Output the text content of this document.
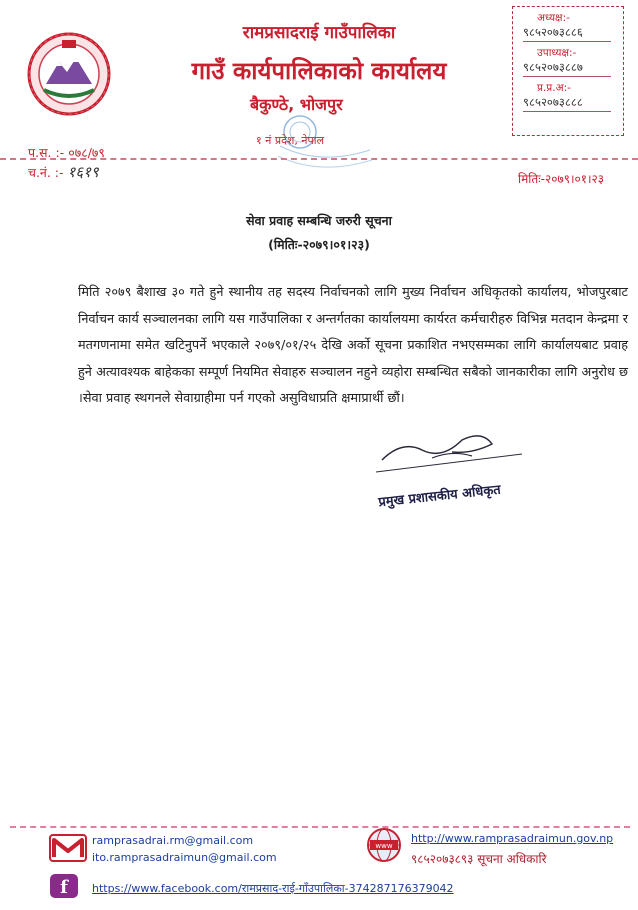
रामप्रसादराई गाउँपालिका
गाउँ कार्यपालिकाको कार्यालय
बैकुण्ठे, भोजपुर
१ नं प्रदेश, नेपाल
अध्यक्ष:-
९८५२०७३८८६
उपाध्यक्ष:-
९८५२०७३८८७
प्र.प्र.अ:-
९८५२०७३८८८
प.स. :- ०७८/७९
च.नं. :- १६१९	मितिः-२०७९।०१।२३
सेवा प्रवाह सम्बन्धि जरुरी सूचना
(मितिः-२०७९।०१।२३)
मिति २०७९ बैशाख ३० गते हुने स्थानीय तह सदस्य निर्वाचनको लागि मुख्य निर्वाचन अधिकृतको कार्यालय, भोजपुरबाट निर्वाचन कार्य सञ्चालनका लागि यस गाउँपालिका र अन्तर्गतका कार्यालयमा कार्यरत कर्मचारीहरु विभिन्न मतदान केन्द्रमा र मतगणनामा समेत खटिनुपर्ने भएकाले २०७९/०१/२५ देखि अर्को सूचना प्रकाशित नभएसम्मका लागि कार्यालयबाट प्रवाह हुने अत्यावश्यक बाहेकका सम्पूर्ण नियमित सेवाहरु सञ्चालन नहुने व्यहोरा सम्बन्धित सबैको जानकारीका लागि अनुरोध छ ।सेवा प्रवाह स्थगनले सेवाग्राहीमा पर्न गएको असुविधाप्रति क्षमाप्रार्थी छौं।
प्रमुख प्रशासकीय अधिकृत
ramprasadrai.rm@gmail.com
ito.ramprasadraimun@gmail.com
www
http://www.ramprasadraimun.gov.np
९८५२०७३८९३ सूचना अधिकारि
f https://www.facebook.com/रामप्रसाद-राई-गाँउपालिका-374287176379042
